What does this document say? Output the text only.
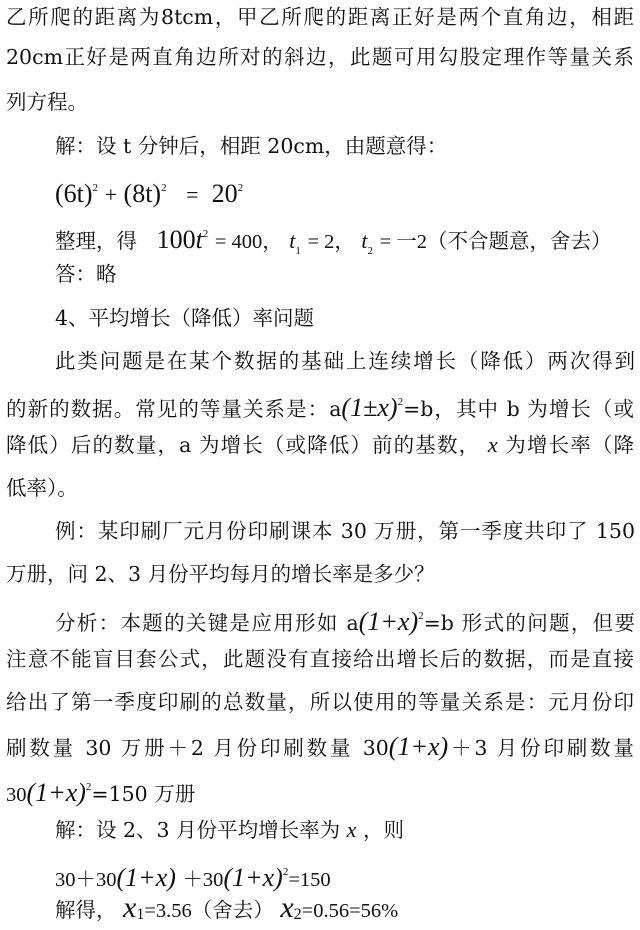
乙所爬的距离为8tcm，甲乙所爬的距离正好是两个直角边，相距
20cm正好是两直角边所对的斜边，此题可用勾股定理作等量关系
列方程。
解：设 t 分钟后，相距 20cm，由题意得：
$(6t)^2 + (8t)^2 = 20^2$
整理，得 $100t^2 = 400$， $t_1 = 2$， $t_2$ = 一2（不合题意，舍去）
答：略
4、平均增长（降低）率问题
此类问题是在某个数据的基础上连续增长（降低）两次得到
的新的数据。常见的等量关系是：$a(1\pm x)^2=b$，其中 b 为增长（或
降低）后的数量，a 为增长（或降低）前的基数， x 为增长率（降
低率）。
例：某印刷厂元月份印刷课本 30 万册，第一季度共印了 150
万册，问 2、3 月份平均每月的增长率是多少？
分析：本题的关键是应用形如 $a(1+x)^2=b$ 形式的问题，但要
注意不能盲目套公式，此题没有直接给出增长后的数据，而是直接
给出了第一季度印刷的总数量，所以使用的等量关系是：元月份印
刷数量 30 万册＋2 月份印刷数量 30(1+x)＋3 月份印刷数量
$30(1+x)^2=150$ 万册
解：设 2、3 月份平均增长率为 x ，则
$30+30(1+x) +30(1+x)^2=150$
解得， x1=3.56（舍去） x2=0.56=56%
